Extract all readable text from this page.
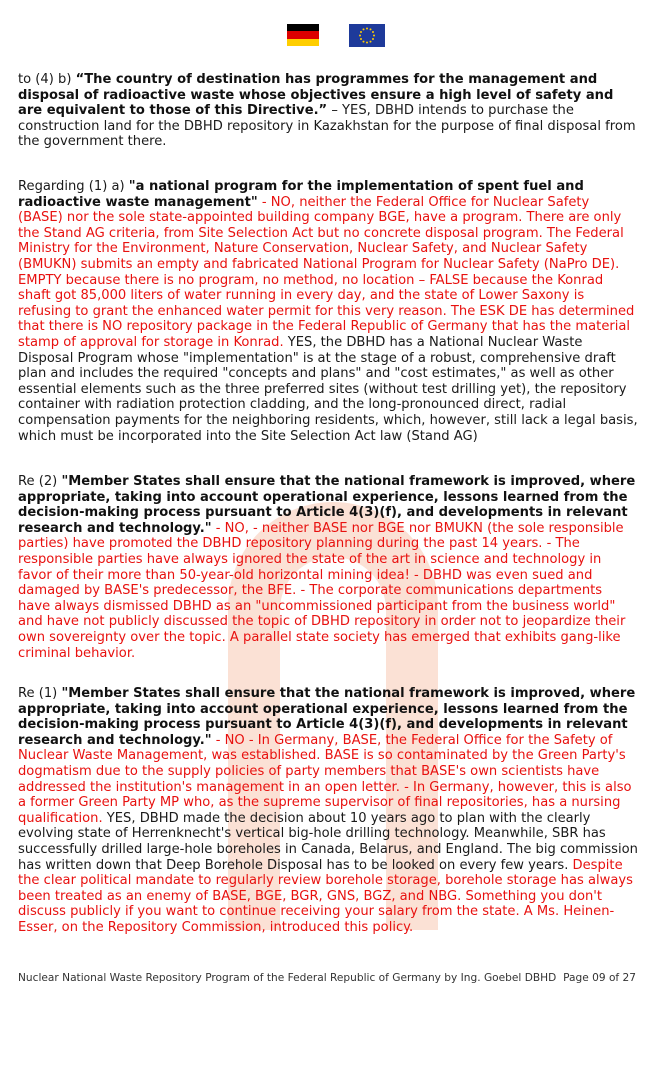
to (4) b) “The country of destination has programmes for the management and disposal of radioactive waste whose objectives ensure a high level of safety and are equivalent to those of this Directive.” – YES, DBHD intends to purchase the construction land for the DBHD repository in Kazakhstan for the purpose of final disposal from the government there.

Regarding (1) a) "a national program for the implementation of spent fuel and radioactive waste management" - NO, neither the Federal Office for Nuclear Safety (BASE) nor the sole state-appointed building company BGE, have a program. There are only the Stand AG criteria, from Site Selection Act but no concrete disposal program. The Federal Ministry for the Environment, Nature Conservation, Nuclear Safety, and Nuclear Safety (BMUKN) submits an empty and fabricated National Program for Nuclear Safety (NaPro DE). EMPTY because there is no program, no method, no location – FALSE because the Konrad shaft got 85,000 liters of water running in every day, and the state of Lower Saxony is refusing to grant the enhanced water permit for this very reason. The ESK DE has determined that there is NO repository package in the Federal Republic of Germany that has the material stamp of approval for storage in Konrad. YES, the DBHD has a National Nuclear Waste Disposal Program whose "implementation" is at the stage of a robust, comprehensive draft plan and includes the required "concepts and plans" and "cost estimates," as well as other essential elements such as the three preferred sites (without test drilling yet), the repository container with radiation protection cladding, and the long-pronounced direct, radial compensation payments for the neighboring residents, which, however, still lack a legal basis, which must be incorporated into the Site Selection Act law (Stand AG)

Re (2) "Member States shall ensure that the national framework is improved, where appropriate, taking into account operational experience, lessons learned from the decision-making process pursuant to Article 4(3)(f), and developments in relevant research and technology." - NO, - neither BASE nor BGE nor BMUKN (the sole responsible parties) have promoted the DBHD repository planning during the past 14 years. - The responsible parties have always ignored the state of the art in science and technology in favor of their more than 50-year-old horizontal mining idea! - DBHD was even sued and damaged by BASE's predecessor, the BFE. - The corporate communications departments have always dismissed DBHD as an "uncommissioned participant from the business world" and have not publicly discussed the topic of DBHD repository in order not to jeopardize their own sovereignty over the topic. A parallel state society has emerged that exhibits gang-like criminal behavior.

Re (1) "Member States shall ensure that the national framework is improved, where appropriate, taking into account operational experience, lessons learned from the decision-making process pursuant to Article 4(3)(f), and developments in relevant research and technology." - NO - In Germany, BASE, the Federal Office for the Safety of Nuclear Waste Management, was established. BASE is so contaminated by the Green Party's dogmatism due to the supply policies of party members that BASE's own scientists have addressed the institution's management in an open letter. - In Germany, however, this is also a former Green Party MP who, as the supreme supervisor of final repositories, has a nursing qualification. YES, DBHD made the decision about 10 years ago to plan with the clearly evolving state of Herrenknecht's vertical big-hole drilling technology. Meanwhile, SBR has successfully drilled large-hole boreholes in Canada, Belarus, and England. The big commission has written down that Deep Borehole Disposal has to be looked on every few years. Despite the clear political mandate to regularly review borehole storage, borehole storage has always been treated as an enemy of BASE, BGE, BGR, GNS, BGZ, and NBG. Something you don't discuss publicly if you want to continue receiving your salary from the state. A Ms. Heinen-Esser, on the Repository Commission, introduced this policy.

Nuclear National Waste Repository Program of the Federal Republic of Germany by Ing. Goebel DBHD Page 09 of 27
